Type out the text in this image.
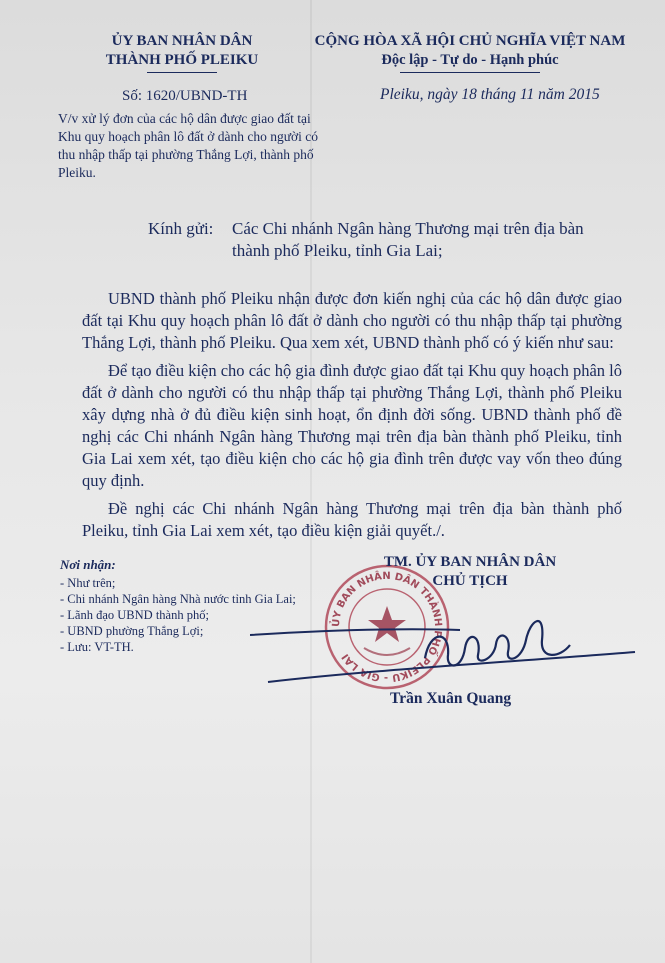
ỦY BAN NHÂN DÂN
THÀNH PHỐ PLEIKU
CỘNG HÒA XÃ HỘI CHỦ NGHĨA VIỆT NAM
Độc lập - Tự do - Hạnh phúc
Số: 1620/UBND-TH	Pleiku, ngày 18 tháng 11 năm 2015
V/v xử lý đơn của các hộ dân được giao đất tại Khu quy hoạch phân lô đất ở dành cho người có thu nhập thấp tại phường Thắng Lợi, thành phố Pleiku.
Kính gửi: Các Chi nhánh Ngân hàng Thương mại trên địa bàn
thành phố Pleiku, tỉnh Gia Lai;

UBND thành phố Pleiku nhận được đơn kiến nghị của các hộ dân được giao đất tại Khu quy hoạch phân lô đất ở dành cho người có thu nhập thấp tại phường Thắng Lợi, thành phố Pleiku. Qua xem xét, UBND thành phố có ý kiến như sau:

Để tạo điều kiện cho các hộ gia đình được giao đất tại Khu quy hoạch phân lô đất ở dành cho người có thu nhập thấp tại phường Thắng Lợi, thành phố Pleiku xây dựng nhà ở đủ điều kiện sinh hoạt, ổn định đời sống. UBND thành phố đề nghị các Chi nhánh Ngân hàng Thương mại trên địa bàn thành phố Pleiku, tỉnh Gia Lai xem xét, tạo điều kiện cho các hộ gia đình trên được vay vốn theo đúng quy định.

Đề nghị các Chi nhánh Ngân hàng Thương mại trên địa bàn thành phố Pleiku, tỉnh Gia Lai xem xét, tạo điều kiện giải quyết./.

Nơi nhận:
- Như trên;
- Chi nhánh Ngân hàng Nhà nước tỉnh Gia Lai;
- Lãnh đạo UBND thành phố;
- UBND phường Thắng Lợi;
- Lưu: VT-TH.
ỦY BAN NHÂN DÂN THÀNH PHỐ PLEIKU - GIA LAI
TM. ỦY BAN NHÂN DÂN
CHỦ TỊCH
Trần Xuân Quang
